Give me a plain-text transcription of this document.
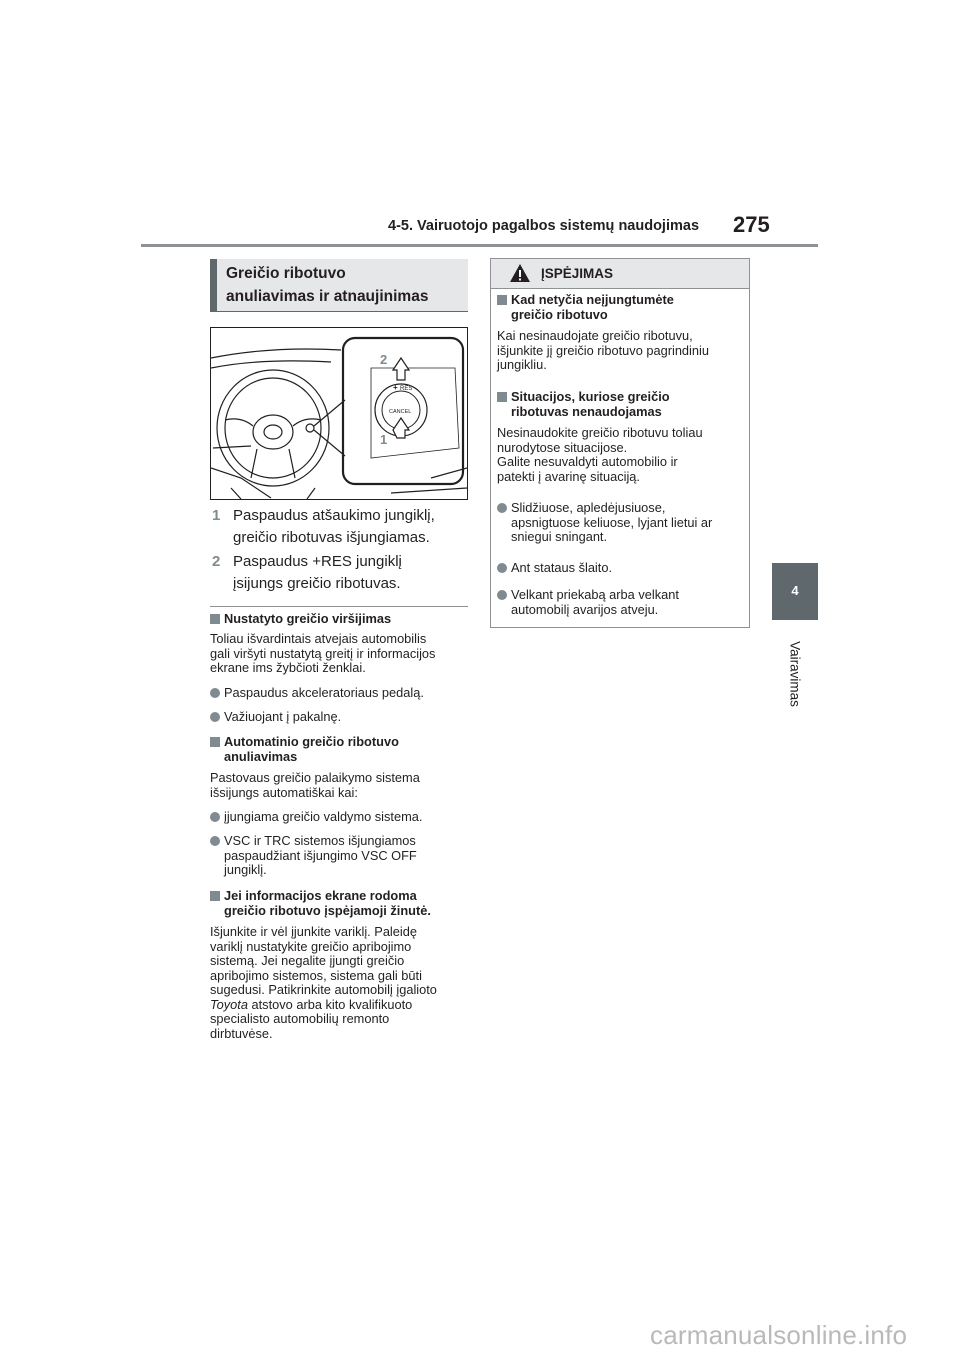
4-5. Vairuotojo pagalbos sistemų naudojimas 275
4
Vairavimas
Greičio ribotuvo
anuliavimas ir atnaujinimas
2
1
+ RES
CANCEL
1 Paspaudus atšaukimo jungiklį,
greičio ribotuvas išjungiamas.
2 Paspaudus +RES jungiklį
įsijungs greičio ribotuvas.
Nustatyto greičio viršijimas
Toliau išvardintais atvejais automobilis
gali viršyti nustatytą greitį ir informacijos
ekrane ims žybčioti ženklai.
Paspaudus akceleratoriaus pedalą.
Važiuojant į pakalnę.
Automatinio greičio ribotuvo
anuliavimas
Pastovaus greičio palaikymo sistema
išsijungs automatiškai kai:
įjungiama greičio valdymo sistema.
VSC ir TRC sistemos išjungiamos
paspaudžiant išjungimo VSC OFF
jungiklį.
Jei informacijos ekrane rodoma
greičio ribotuvo įspėjamoji žinutė.
Išjunkite ir vėl įjunkite variklį. Paleidę
variklį nustatykite greičio apribojimo
sistemą. Jei negalite įjungti greičio
apribojimo sistemos, sistema gali būti
sugedusi. Patikrinkite automobilį įgalioto
Toyota atstovo arba kito kvalifikuoto
specialisto automobilių remonto
dirbtuvėse.
ĮSPĖJIMAS
Kad netyčia neįjungtumėte
greičio ribotuvo
Kai nesinaudojate greičio ribotuvu,
išjunkite jį greičio ribotuvo pagrindiniu
jungikliu.
Situacijos, kuriose greičio
ribotuvas nenaudojamas
Nesinaudokite greičio ribotuvu toliau
nurodytose situacijose.
Galite nesuvaldyti automobilio ir
patekti į avarinę situaciją.
Slidžiuose, apledėjusiuose,
apsnigtuose keliuose, lyjant lietui ar
sniegui sningant.
Ant stataus šlaito.
Velkant priekabą arba velkant
automobilį avarijos atveju.
carmanualsonline.info
